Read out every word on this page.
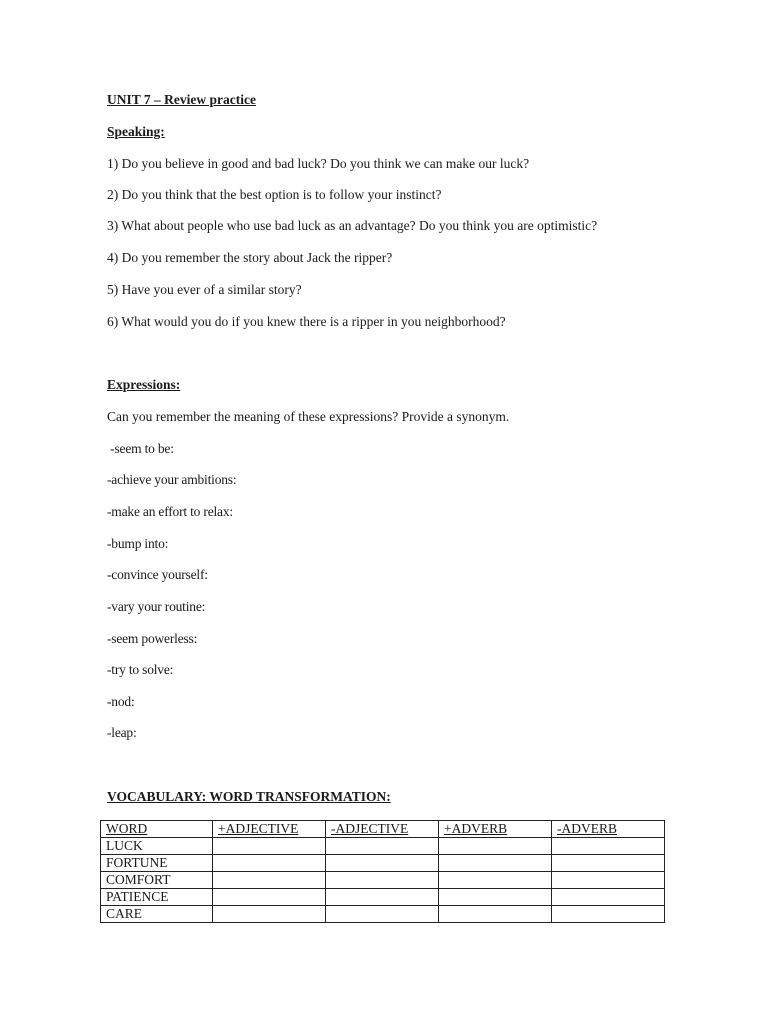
UNIT 7 – Review practice
Speaking:
1) Do you believe in good and bad luck? Do you think we can make our luck?
2) Do you think that the best option is to follow your instinct?
3) What about people who use bad luck as an advantage? Do you think you are optimistic?
4) Do you remember the story about Jack the ripper?
5) Have you ever of a similar story?
6) What would you do if you knew there is a ripper in you neighborhood?
Expressions:
Can you remember the meaning of these expressions? Provide a synonym.
-seem to be:
-achieve your ambitions:
-make an effort to relax:
-bump into:
-convince yourself:
-vary your routine:
-seem powerless:
-try to solve:
-nod:
-leap:
VOCABULARY: WORD TRANSFORMATION:
WORD	+ADJECTIVE	-ADJECTIVE	+ADVERB	-ADVERB
LUCK				
FORTUNE				
COMFORT				
PATIENCE				
CARE				
